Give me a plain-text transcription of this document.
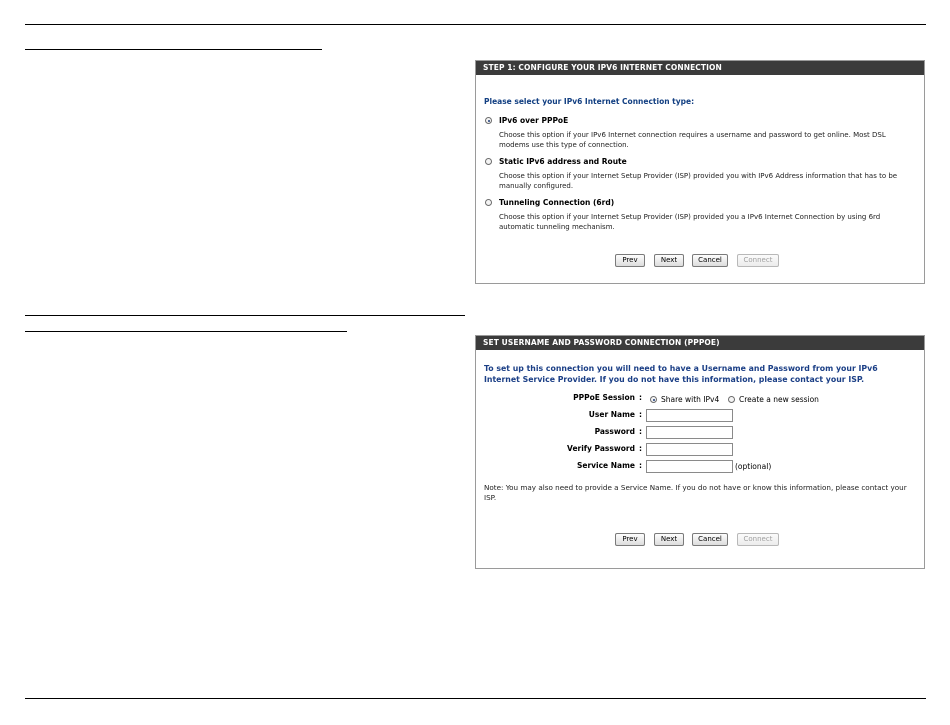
STEP 1: CONFIGURE YOUR IPV6 INTERNET CONNECTION
Please select your IPv6 Internet Connection type:
IPv6 over PPPoE
Choose this option if your IPv6 Internet connection requires a username and password to get online. Most DSL modems use this type of connection.
Static IPv6 address and Route
Choose this option if your Internet Setup Provider (ISP) provided you with IPv6 Address information that has to be manually configured.
Tunneling Connection (6rd)
Choose this option if your Internet Setup Provider (ISP) provided you a IPv6 Internet Connection by using 6rd automatic tunneling mechanism.
Prev	Next	Cancel	Connect
SET USERNAME AND PASSWORD CONNECTION (PPPOE)
To set up this connection you will need to have a Username and Password from your IPv6 Internet Service Provider. If you do not have this information, please contact your ISP.
PPPoE Session :	Share with IPv4	Create a new session
User Name :
Password :
Verify Password :
Service Name :	(optional)
Note: You may also need to provide a Service Name. If you do not have or know this information, please contact your ISP.
Prev	Next	Cancel	Connect
